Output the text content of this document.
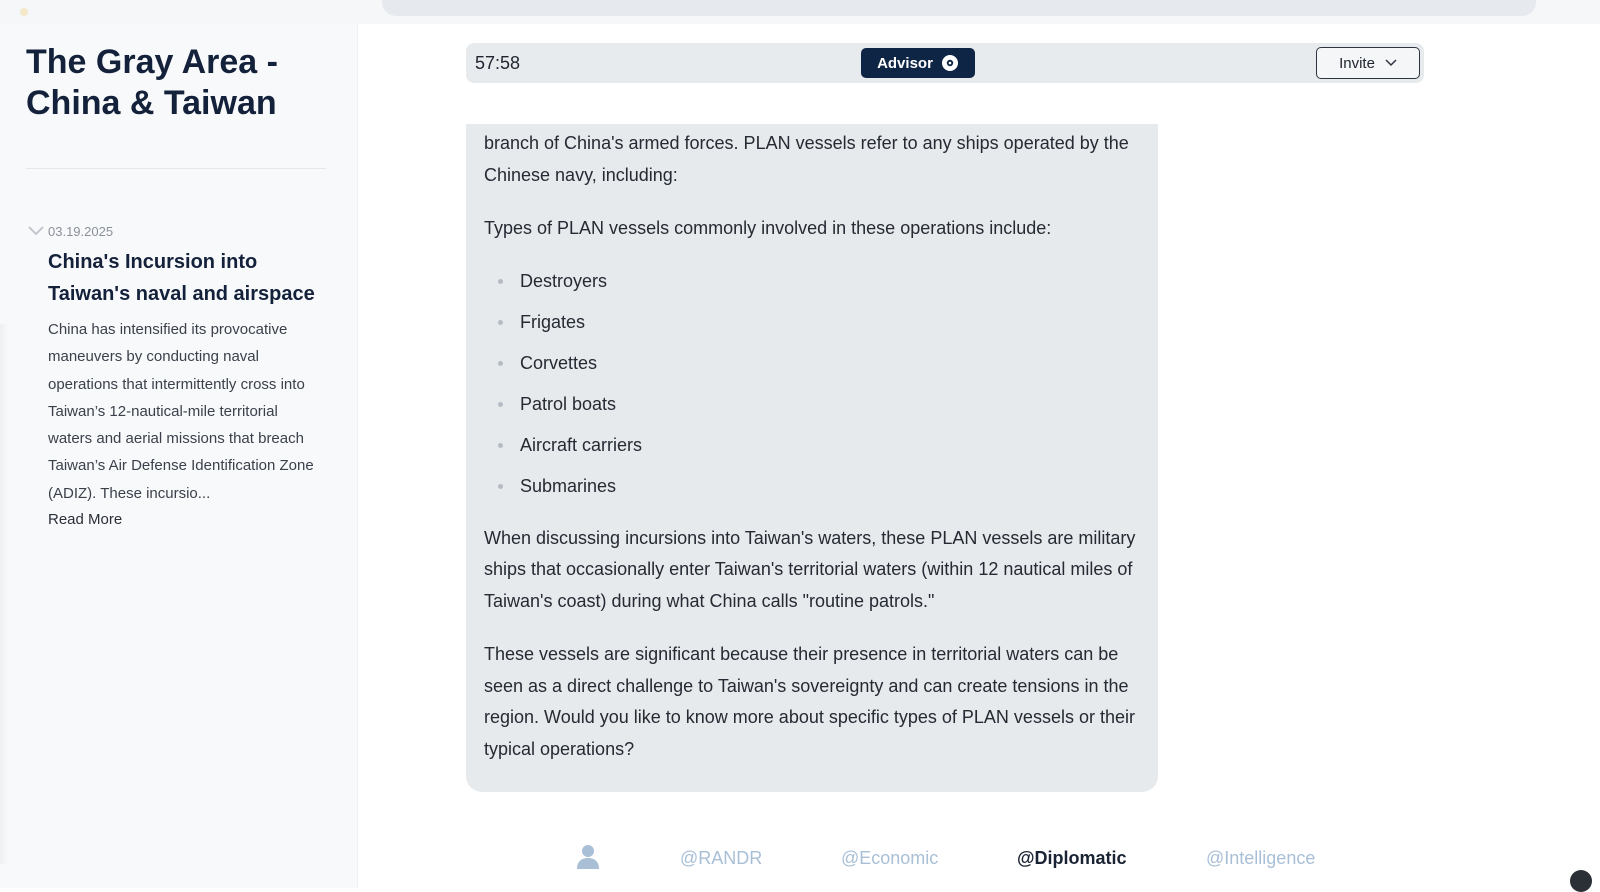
The Gray Area - China & Taiwan
03.19.2025
China's Incursion into Taiwan's naval and airspace
China has intensified its provocative maneuvers by conducting naval operations that intermittently cross into Taiwan’s 12-nautical-mile territorial waters and aerial missions that breach Taiwan’s Air Defense Identification Zone (ADIZ). These incursio...
Read More
57:58	Advisor	Invite

branch of China's armed forces. PLAN vessels refer to any ships operated by the Chinese navy, including:

Types of PLAN vessels commonly involved in these operations include:

Destroyers
Frigates
Corvettes
Patrol boats
Aircraft carriers
Submarines

When discussing incursions into Taiwan's waters, these PLAN vessels are military ships that occasionally enter Taiwan's territorial waters (within 12 nautical miles of Taiwan's coast) during what China calls "routine patrols."

These vessels are significant because their presence in territorial waters can be seen as a direct challenge to Taiwan's sovereignty and can create tensions in the region. Would you like to know more about specific types of PLAN vessels or their typical operations?

@RANDR	@Economic	@Diplomatic	@Intelligence
